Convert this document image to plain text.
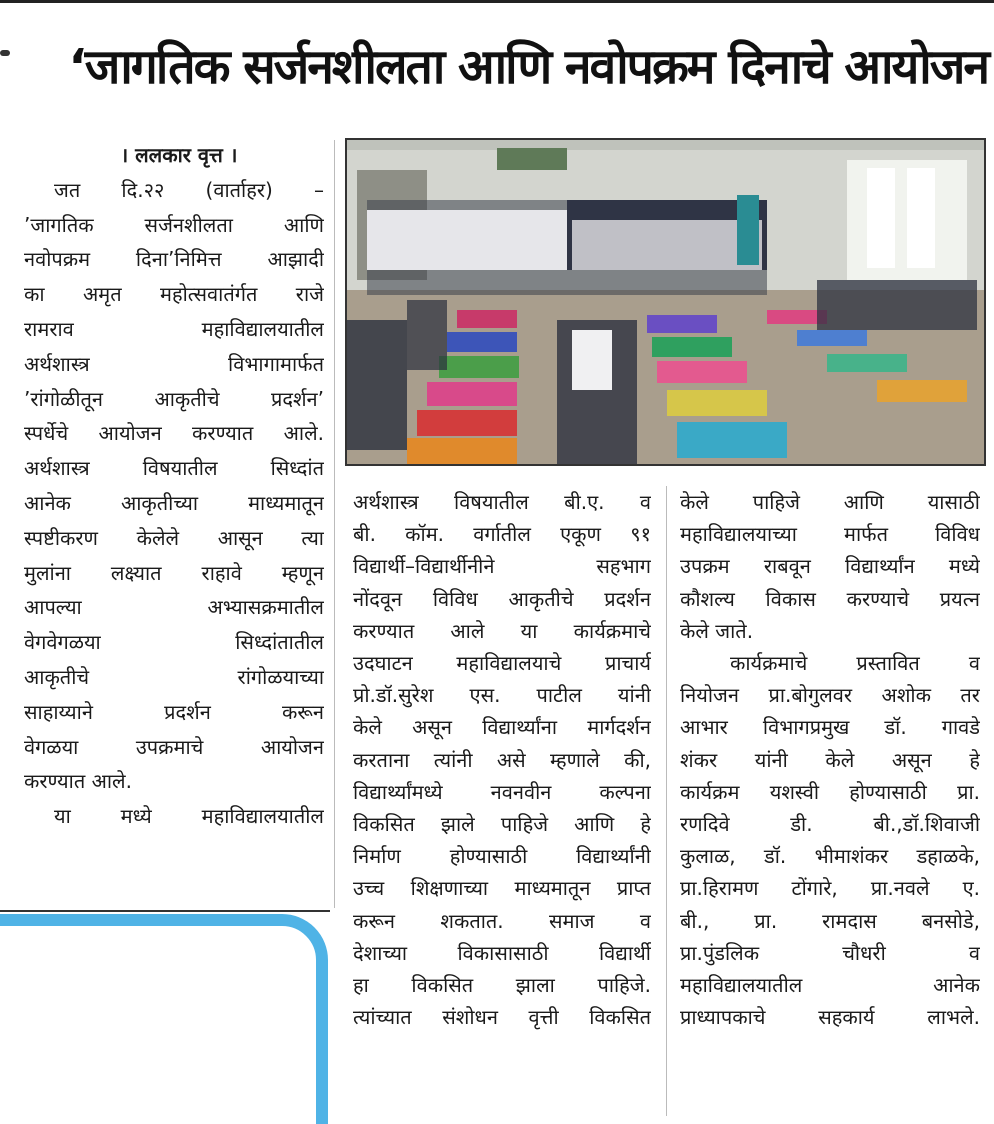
‘जागतिक सर्जनशीलता आणि नवोपक्रम दिनाचे आयोजन
। ललकार वृत्त ।
जत दि.२२ (वार्ताहर) –
’जागतिक सर्जनशीलता आणि
नवोपक्रम दिना’निमित्त आझादी
का अमृत महोत्सवातंर्गत राजे
रामराव महाविद्यालयातील
अर्थशास्त्र विभागामार्फत
’रांगोळीतून आकृतीचे प्रदर्शन’
स्पर्धेचे आयोजन करण्यात आले.
अर्थशास्त्र विषयातील सिध्दांत
आनेक आकृतीच्या माध्यमातून
स्पष्टीकरण केलेले आसून त्या
मुलांना लक्ष्यात राहावे म्हणून
आपल्या अभ्यासक्रमातील
वेगवेगळया सिध्दांतातील
आकृतीचे रांगोळयाच्या
साहाय्याने प्रदर्शन करून
वेगळया उपक्रमाचे आयोजन
करण्यात आले.
या मध्ये महाविद्यालयातील
अर्थशास्त्र विषयातील बी.ए. व
बी. कॉम. वर्गातील एकूण ९१
विद्यार्थी–विद्यार्थीनीने सहभाग
नोंदवून विविध आकृतीचे प्रदर्शन
करण्यात आले या कार्यक्रमाचे
उदघाटन महाविद्यालयाचे प्राचार्य
प्रो.डॉ.सुरेश एस. पाटील यांनी
केले असून विद्यार्थ्यांना मार्गदर्शन
करताना त्यांनी असे म्हणाले की,
विद्यार्थ्यांमध्ये नवनवीन कल्पना
विकसित झाले पाहिजे आणि हे
निर्माण होण्यासाठी विद्यार्थ्यांनी
उच्च शिक्षणाच्या माध्यमातून प्राप्त
करून शकतात. समाज व
देशाच्या विकासासाठी विद्यार्थी
हा विकसित झाला पाहिजे.
त्यांच्यात संशोधन वृत्ती विकसित
केले पाहिजे आणि यासाठी
महाविद्यालयाच्या मार्फत विविध
उपक्रम राबवून विद्यार्थ्यांन मध्ये
कौशल्य विकास करण्याचे प्रयत्न
केले जाते.
कार्यक्रमाचे प्रस्तावित व
नियोजन प्रा.बोगुलवर अशोक तर
आभार विभागप्रमुख डॉ. गावडे
शंकर यांनी केले असून हे
कार्यक्रम यशस्वी होण्यासाठी प्रा.
रणदिवे डी. बी.,डॉ.शिवाजी
कुलाळ, डॉ. भीमाशंकर डहाळके,
प्रा.हिरामण टोंगारे, प्रा.नवले ए.
बी., प्रा. रामदास बनसोडे,
प्रा.पुंडलिक चौधरी व
महाविद्यालयातील आनेक
प्राध्यापकाचे सहकार्य लाभले.
